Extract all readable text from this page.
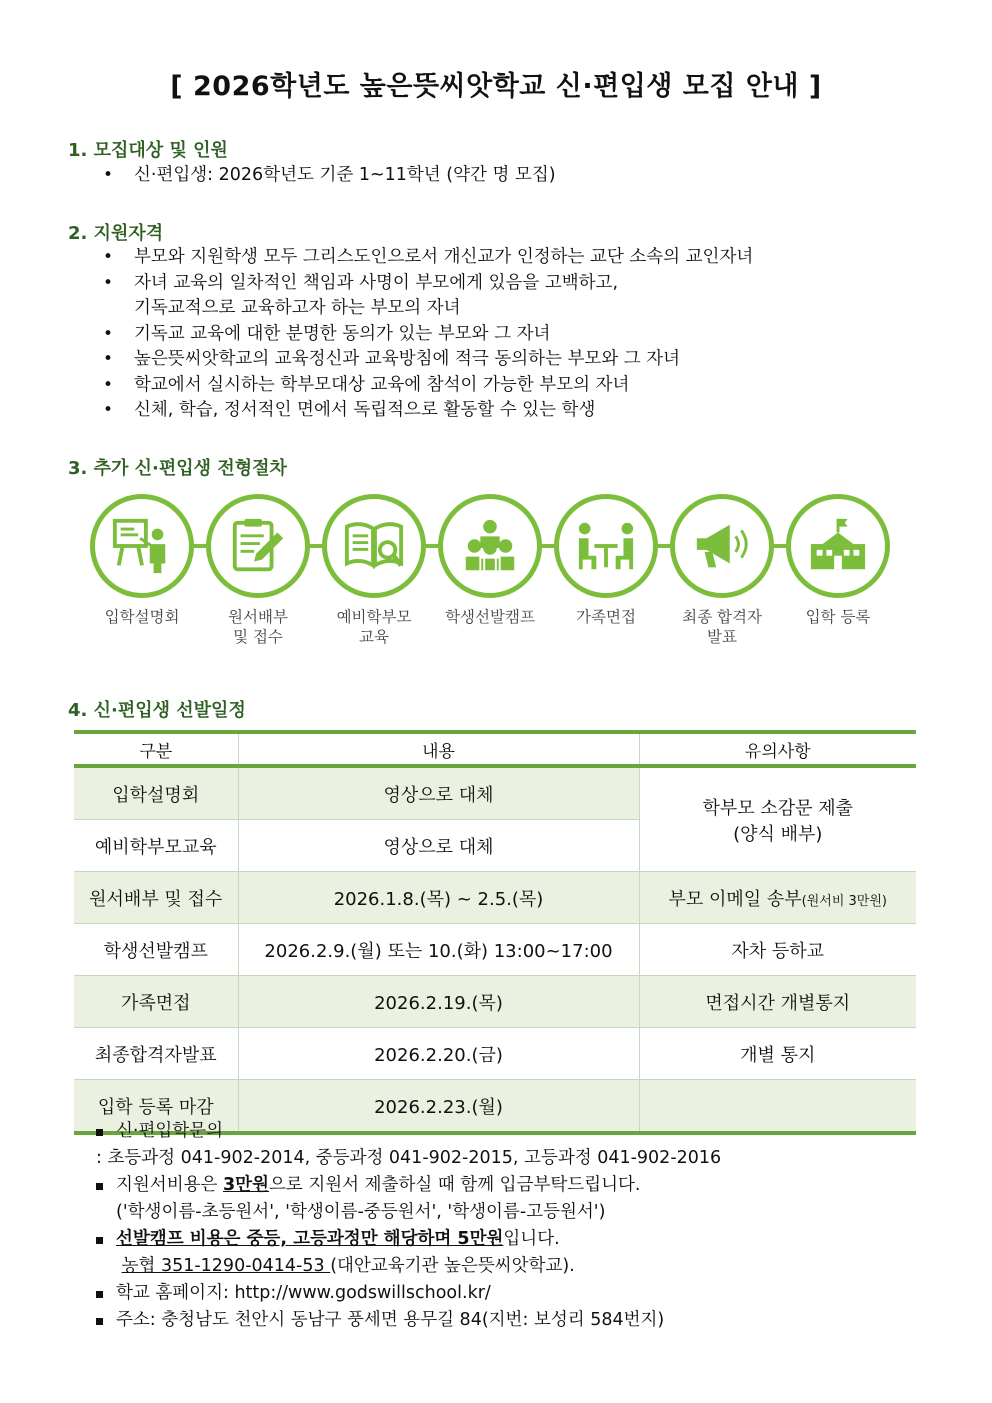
[ 2026학년도 높은뜻씨앗학교 신·편입생 모집 안내 ]
1. 모집대상 및 인원
• 신·편입생: 2026학년도 기준 1~11학년 (약간 명 모집)
2. 지원자격
• 부모와 지원학생 모두 그리스도인으로서 개신교가 인정하는 교단 소속의 교인자녀
• 자녀 교육의 일차적인 책임과 사명이 부모에게 있음을 고백하고,
기독교적으로 교육하고자 하는 부모의 자녀
• 기독교 교육에 대한 분명한 동의가 있는 부모와 그 자녀
• 높은뜻씨앗학교의 교육정신과 교육방침에 적극 동의하는 부모와 그 자녀
• 학교에서 실시하는 학부모대상 교육에 참석이 가능한 부모의 자녀
• 신체, 학습, 정서적인 면에서 독립적으로 활동할 수 있는 학생
3. 추가 신·편입생 전형절차
입학설명회	원서배부
및 접수
예비학부모
교육
학생선발캠프	가족면접	최종 합격자
발표
입학 등록
4. 신·편입생 선발일정
구분	내용	유의사항
입학설명회	영상으로 대체	학부모 소감문 제출
(양식 배부)

예비학부모교육	영상으로 대체	
원서배부 및 접수	2026.1.8.(목) ~ 2.5.(목)	부모 이메일 송부(원서비 3만원)
학생선발캠프	2026.2.9.(월) 또는 10.(화) 13:00~17:00	자차 등하교
가족면접	2026.2.19.(목)	면접시간 개별통지
최종합격자발표	2026.2.20.(금)	개별 통지
입학 등록 마감	2026.2.23.(월)	
신·편입학문의
: 초등과정 041-902-2014, 중등과정 041-902-2015, 고등과정 041-902-2016
지원서비용은 3만원으로 지원서 제출하실 때 함께 입금부탁드립니다.
('학생이름-초등원서', '학생이름-중등원서', '학생이름-고등원서')
선발캠프 비용은 중등, 고등과정만 해당하며 5만원입니다.
농협 351-1290-0414-53 (대안교육기관 높은뜻씨앗학교).
학교 홈페이지: http://www.godswillschool.kr/
주소: 충청남도 천안시 동남구 풍세면 용무길 84(지번: 보성리 584번지)
